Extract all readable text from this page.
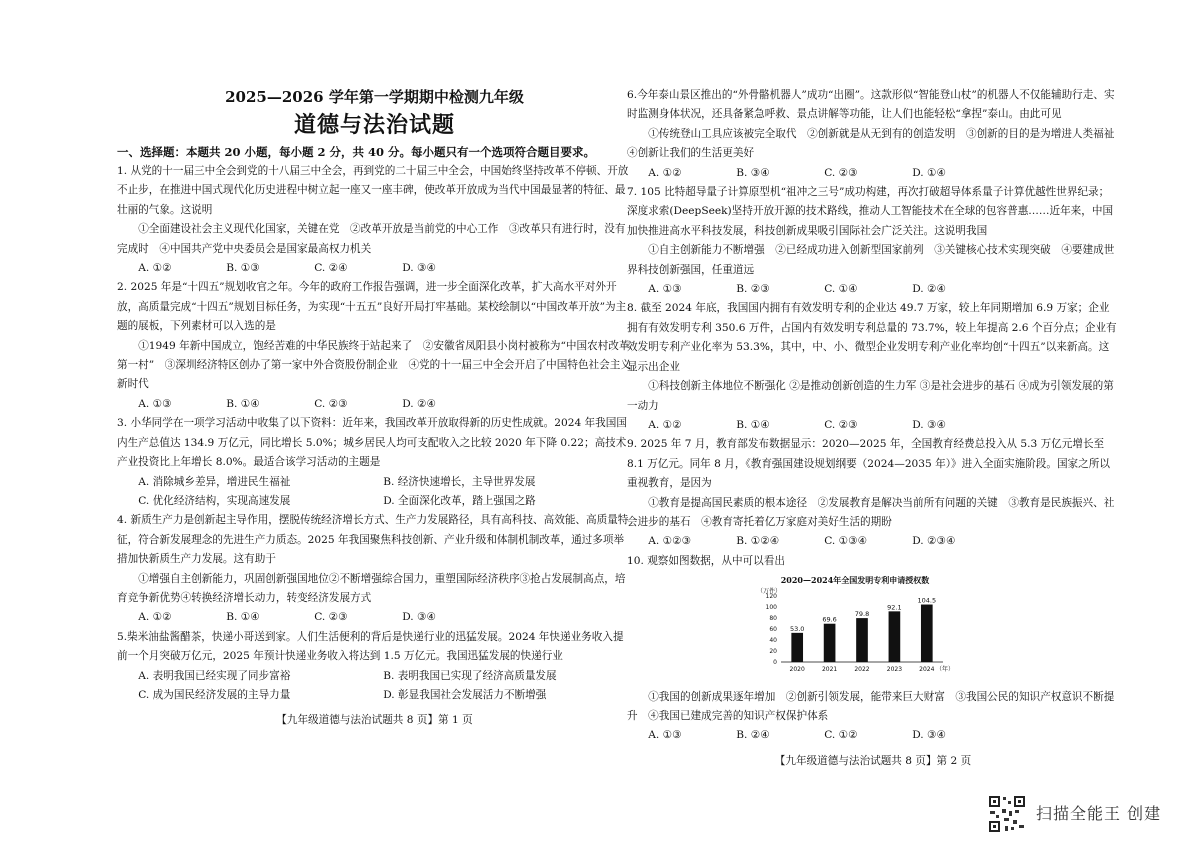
2025—2026 学年第一学期期中检测九年级

道德与法治试题

一、选择题：本题共 20 小题，每小题 2 分，共 40 分。每小题只有一个选项符合题目要求。

1. 从党的十一届三中全会到党的十八届三中全会，再到党的二十届三中全会，中国始终坚持改革不停顿、开放不止步，在推进中国式现代化历史进程中树立起一座又一座丰碑，使改革开放成为当代中国最显著的特征、最壮丽的气象。这说明

①全面建设社会主义现代化国家，关键在党　②改革开放是当前党的中心工作　③改革只有进行时，没有完成时　④中国共产党中央委员会是国家最高权力机关

A. ①②	B. ①③	C. ②④	D. ③④

2. 2025 年是“十四五”规划收官之年。今年的政府工作报告强调，进一步全面深化改革，扩大高水平对外开放，高质量完成“十四五”规划目标任务，为实现“十五五”良好开局打牢基础。某校绘制以“中国改革开放”为主题的展板，下列素材可以入选的是

①1949 年新中国成立，饱经苦难的中华民族终于站起来了　②安徽省凤阳县小岗村被称为“中国农村改革第一村”　③深圳经济特区创办了第一家中外合资股份制企业　④党的十一届三中全会开启了中国特色社会主义新时代

A. ①③	B. ①④	C. ②③	D. ②④

3. 小华同学在一项学习活动中收集了以下资料：近年来，我国改革开放取得新的历史性成就。2024 年我国国内生产总值达 134.9 万亿元，同比增长 5.0%；城乡居民人均可支配收入之比较 2020 年下降 0.22；高技术产业投资比上年增长 8.0%。最适合该学习活动的主题是

A. 消除城乡差异，增进民生福祉	B. 经济快速增长，主导世界发展
C. 优化经济结构，实现高速发展	D. 全面深化改革，踏上强国之路

4. 新质生产力是创新起主导作用，摆脱传统经济增长方式、生产力发展路径，具有高科技、高效能、高质量特征，符合新发展理念的先进生产力质态。2025 年我国聚焦科技创新、产业升级和体制机制改革，通过多项举措加快新质生产力发展。这有助于

①增强自主创新能力，巩固创新强国地位②不断增强综合国力，重塑国际经济秩序③抢占发展制高点，培育竞争新优势④转换经济增长动力，转变经济发展方式

A. ①②	B. ①④	C. ②③	D. ③④

5.柴米油盐酱醋茶，快递小哥送到家。人们生活便利的背后是快递行业的迅猛发展。2024 年快递业务收入提前一个月突破万亿元，2025 年预计快递业务收入将达到 1.5 万亿元。我国迅猛发展的快递行业

A. 表明我国已经实现了同步富裕	B. 表明我国已实现了经济高质量发展
C. 成为国民经济发展的主导力量	D. 彰显我国社会发展活力不断增强

【九年级道德与法治试题共 8 页】第 1 页

6.今年泰山景区推出的“外骨骼机器人”成功“出圈”。这款形似“智能登山杖”的机器人不仅能辅助行走、实时监测身体状况，还具备紧急呼救、景点讲解等功能，让人们也能轻松“拿捏”泰山。由此可见

①传统登山工具应该被完全取代　②创新就是从无到有的创造发明　③创新的目的是为增进人类福祉　④创新让我们的生活更美好

A. ①②	B. ③④	C. ②③	D. ①④

7. 105 比特超导量子计算原型机“祖冲之三号”成功构建，再次打破超导体系量子计算优越性世界纪录；深度求索(DeepSeek)坚持开放开源的技术路线，推动人工智能技术在全球的包容普惠……近年来，中国加快推进高水平科技发展，科技创新成果吸引国际社会广泛关注。这说明我国

①自主创新能力不断增强　②已经成功进入创新型国家前列　③关键核心技术实现突破　④要建成世界科技创新强国，任重道远

A. ①③	B. ②③	C. ①④	D. ②④

8. 截至 2024 年底，我国国内拥有有效发明专利的企业达 49.7 万家，较上年同期增加 6.9 万家；企业拥有有效发明专利 350.6 万件，占国内有效发明专利总量的 73.7%，较上年提高 2.6 个百分点；企业有效发明专利产业化率为 53.3%，其中，中、小、微型企业发明专利产业化率均创“十四五”以来新高。这显示出企业

①科技创新主体地位不断强化 ②是推动创新创造的生力军 ③是社会进步的基石 ④成为引领发展的第一动力

A. ①②	B. ①④	C. ②③	D. ③④

9. 2025 年 7 月，教育部发布数据显示：2020—2025 年，全国教育经费总投入从 5.3 万亿元增长至 8.1 万亿元。同年 8 月，《教育强国建设规划纲要（2024—2035 年）》进入全面实施阶段。国家之所以重视教育，是因为

①教育是提高国民素质的根本途径　②发展教育是解决当前所有问题的关键　③教育是民族振兴、社会进步的基石　④教育寄托着亿万家庭对美好生活的期盼

A. ①②③	B. ①②④	C. ①③④	D. ②③④

10. 观察如图数据，从中可以看出

2020—2024年全国发明专利申请授权数
（万件）
0
20
40
60
80
100
120
53.0
2020
69.6
2021
79.8
2022
92.1
2023
104.5
2024 （年）

①我国的创新成果逐年增加　②创新引领发展，能带来巨大财富　③我国公民的知识产权意识不断提升　④我国已建成完善的知识产权保护体系

A. ①③	B. ②④	C. ①②	D. ③④

【九年级道德与法治试题共 8 页】第 2 页

扫描全能王 创建
